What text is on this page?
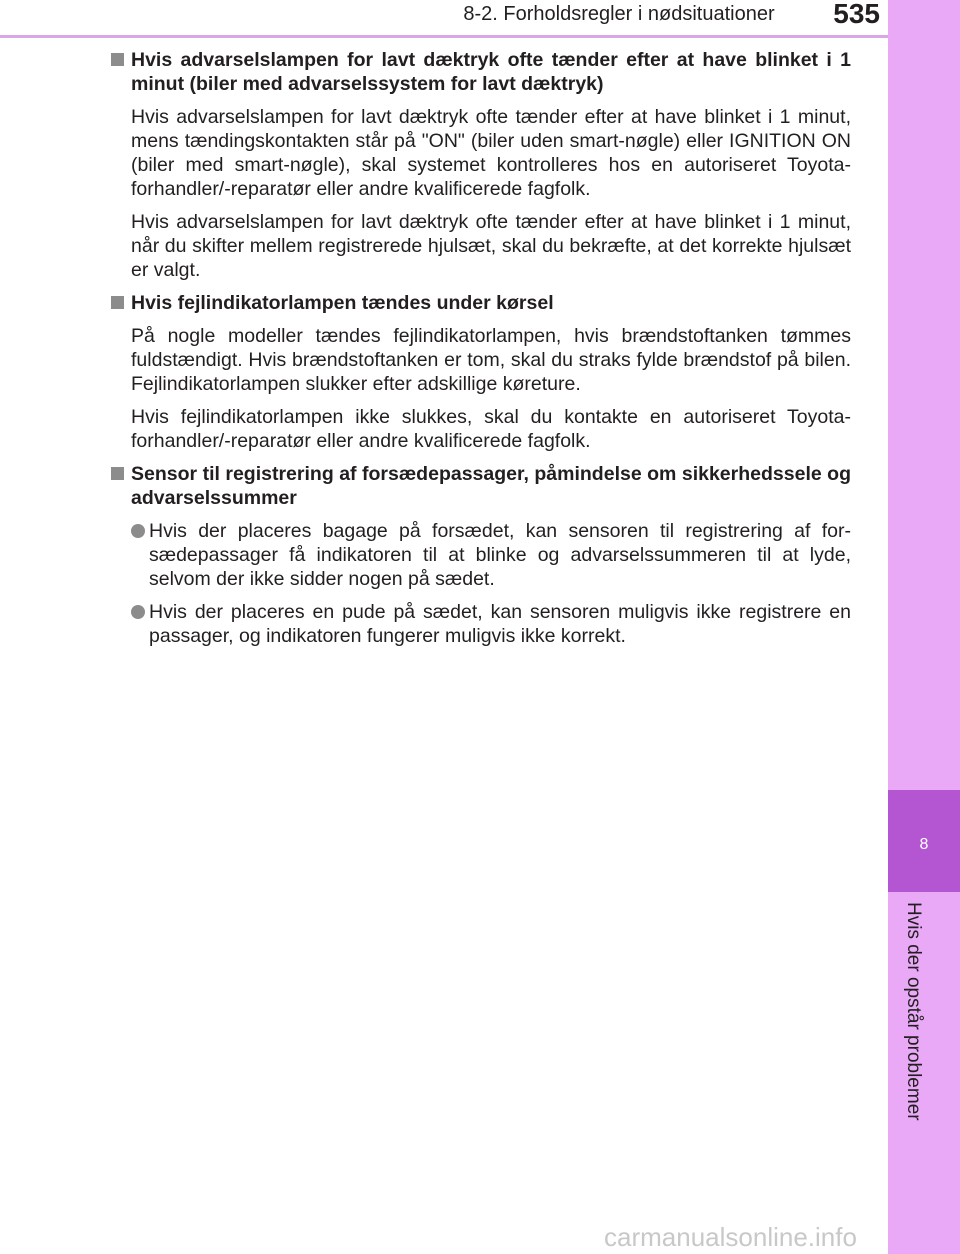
8-2. Forholdsregler i nødsituationer	535
8
Hvis der opstår problemer
Hvis advarselslampen for lavt dæktryk ofte tænder efter at have blinket i 1 minut (biler med advarselssystem for lavt dæktryk)

Hvis advarselslampen for lavt dæktryk ofte tænder efter at have blinket i 1 minut, mens tændingskontakten står på "ON" (biler uden smart-nøgle) eller IGNITION ON (biler med smart-nøgle), skal systemet kontrolleres hos en autoriseret Toyota-forhandler/-reparatør eller andre kvalificerede fagfolk.

Hvis advarselslampen for lavt dæktryk ofte tænder efter at have blinket i 1 minut, når du skifter mellem registrerede hjulsæt, skal du bekræfte, at det korrekte hjulsæt er valgt.

Hvis fejlindikatorlampen tændes under kørsel

På nogle modeller tændes fejlindikatorlampen, hvis brændstoftanken tømmes fuldstændigt. Hvis brændstoftanken er tom, skal du straks fylde brændstof på bilen. Fejlindikatorlampen slukker efter adskillige køreture.

Hvis fejlindikatorlampen ikke slukkes, skal du kontakte en autoriseret Toyota-forhandler/-reparatør eller andre kvalificerede fagfolk.

Sensor til registrering af forsædepassager, påmindelse om sikkerhedssele og advarselssummer
Hvis der placeres bagage på forsædet, kan sensoren til registrering af forsædepassager få indikatoren til at blinke og advarselssummeren til at lyde, selvom der ikke sidder nogen på sædet.
Hvis der placeres en pude på sædet, kan sensoren muligvis ikke registrere en passager, og indikatoren fungerer muligvis ikke korrekt.
carmanualsonline.info
